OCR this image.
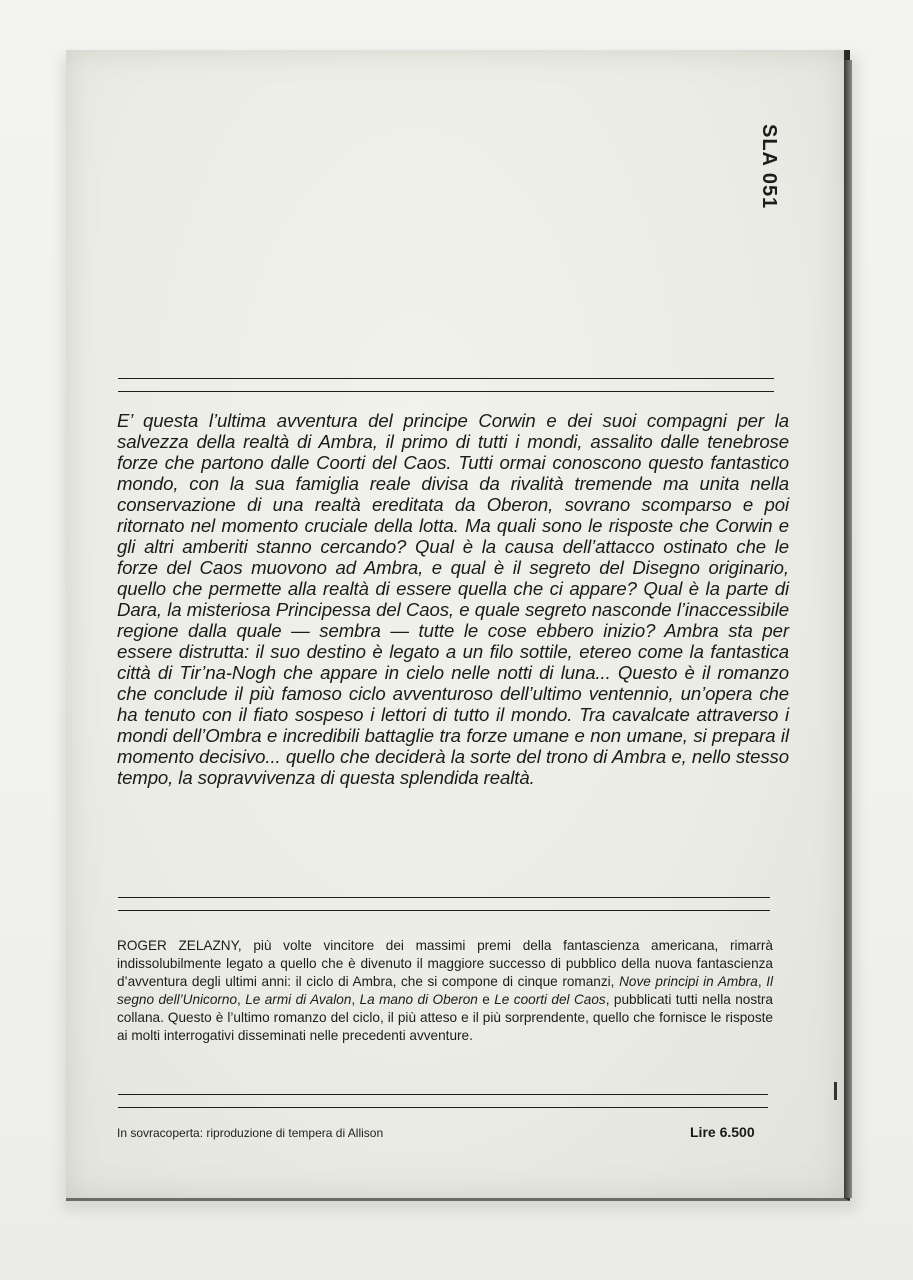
SLA 051
E’ questa l’ultima avventura del principe Corwin e dei suoi compagni per la salvezza della realtà di Ambra, il primo di tutti i mondi, assalito dalle tenebrose forze che partono dalle Coorti del Caos. Tutti ormai conoscono questo fantastico mondo, con la sua famiglia reale divisa da rivalità tremende ma unita nella conservazione di una realtà ereditata da Oberon, sovrano scomparso e poi ritornato nel momento cruciale della lotta. Ma quali sono le risposte che Corwin e gli altri amberiti stanno cercando? Qual è la causa dell’attacco ostinato che le forze del Caos muovono ad Ambra, e qual è il segreto del Disegno originario, quello che permette alla realtà di essere quella che ci appare? Qual è la parte di Dara, la misteriosa Principessa del Caos, e quale segreto nasconde l’inaccessibile regione dalla quale — sembra — tutte le cose ebbero inizio? Ambra sta per essere distrutta: il suo destino è legato a un filo sottile, etereo come la fantastica città di Tir’na-Nogh che appare in cielo nelle notti di luna... Questo è il romanzo che conclude il più famoso ciclo avventuroso dell’ultimo ventennio, un’opera che ha tenuto con il fiato sospeso i lettori di tutto il mondo. Tra cavalcate attraverso i mondi dell’Ombra e incredibili battaglie tra forze umane e non umane, si prepara il momento decisivo... quello che deciderà la sorte del trono di Ambra e, nello stesso tempo, la sopravvivenza di questa splendida realtà.
ROGER ZELAZNY, più volte vincitore dei massimi premi della fantascienza americana, rimarrà indissolubilmente legato a quello che è divenuto il maggiore successo di pubblico della nuova fantascienza d’avventura degli ultimi anni: il ciclo di Ambra, che si compone di cinque romanzi, Nove principi in Ambra, Il segno dell’Unicorno, Le armi di Avalon, La mano di Oberon e Le coorti del Caos, pubblicati tutti nella nostra collana. Questo è l’ultimo romanzo del ciclo, il più atteso e il più sorprendente, quello che fornisce le risposte ai molti interrogativi disseminati nelle precedenti avventure.
In sovracoperta: riproduzione di tempera di Allison	Lire 6.500
